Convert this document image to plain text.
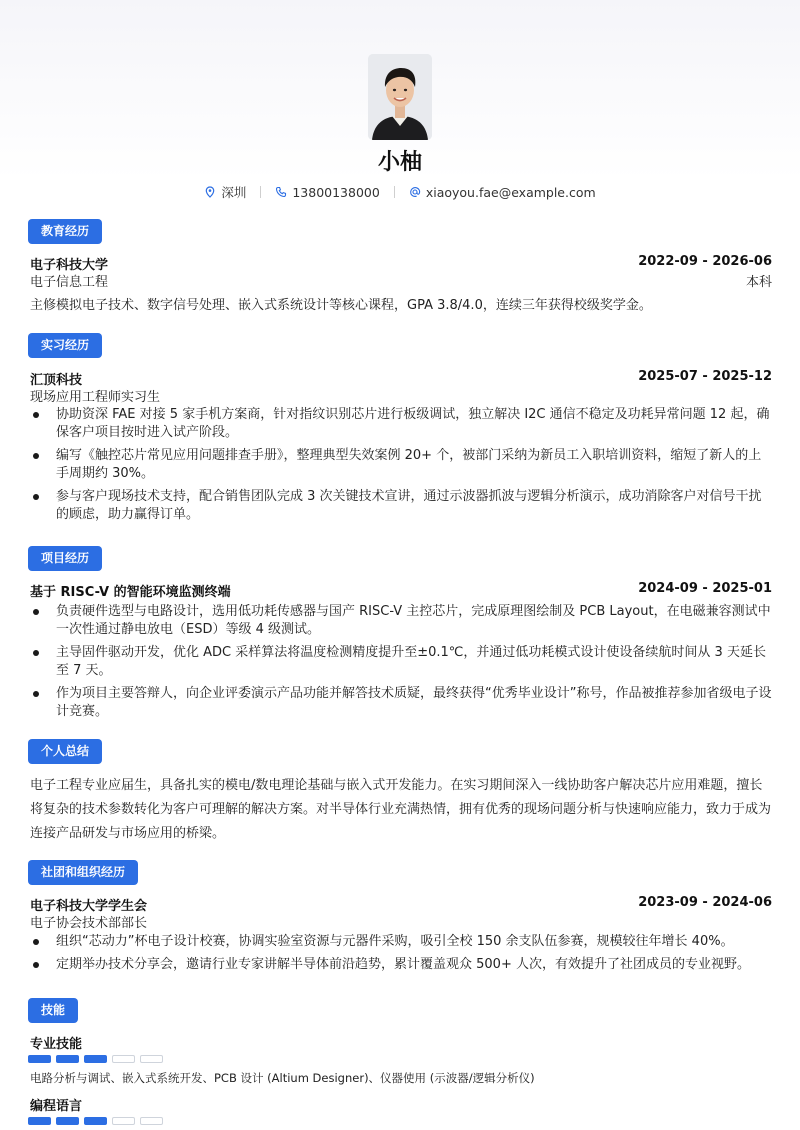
小柚
深圳	13800138000	xiaoyou.fae@example.com
教育经历
电子科技大学	2022-09 - 2026-06
电子信息工程	本科
主修模拟电子技术、数字信号处理、嵌入式系统设计等核心课程，GPA 3.8/4.0，连续三年获得校级奖学金。
实习经历
汇顶科技	2025-07 - 2025-12
现场应用工程师实习生
协助资深 FAE 对接 5 家手机方案商，针对指纹识别芯片进行板级调试，独立解决 I2C 通信不稳定及功耗异常问题 12 起，确保客户项目按时进入试产阶段。
编写《触控芯片常见应用问题排查手册》，整理典型失效案例 20+ 个，被部门采纳为新员工入职培训资料，缩短了新人的上手周期约 30%。
参与客户现场技术支持，配合销售团队完成 3 次关键技术宣讲，通过示波器抓波与逻辑分析演示，成功消除客户对信号干扰的顾虑，助力赢得订单。
项目经历
基于 RISC-V 的智能环境监测终端	2024-09 - 2025-01
负责硬件选型与电路设计，选用低功耗传感器与国产 RISC-V 主控芯片，完成原理图绘制及 PCB Layout，在电磁兼容测试中一次性通过静电放电（ESD）等级 4 级测试。
主导固件驱动开发，优化 ADC 采样算法将温度检测精度提升至±0.1℃，并通过低功耗模式设计使设备续航时间从 3 天延长至 7 天。
作为项目主要答辩人，向企业评委演示产品功能并解答技术质疑，最终获得“优秀毕业设计”称号，作品被推荐参加省级电子设计竞赛。
个人总结
电子工程专业应届生，具备扎实的模电/数电理论基础与嵌入式开发能力。在实习期间深入一线协助客户解决芯片应用难题，擅长将复杂的技术参数转化为客户可理解的解决方案。对半导体行业充满热情，拥有优秀的现场问题分析与快速响应能力，致力于成为连接产品研发与市场应用的桥梁。
社团和组织经历
电子科技大学学生会	2023-09 - 2024-06
电子协会技术部部长
组织“芯动力”杯电子设计校赛，协调实验室资源与元器件采购，吸引全校 150 余支队伍参赛，规模较往年增长 40%。
定期举办技术分享会，邀请行业专家讲解半导体前沿趋势，累计覆盖观众 500+ 人次，有效提升了社团成员的专业视野。
技能
专业技能
电路分析与调试、嵌入式系统开发、PCB 设计 (Altium Designer)、仪器使用 (示波器/逻辑分析仪)
编程语言
